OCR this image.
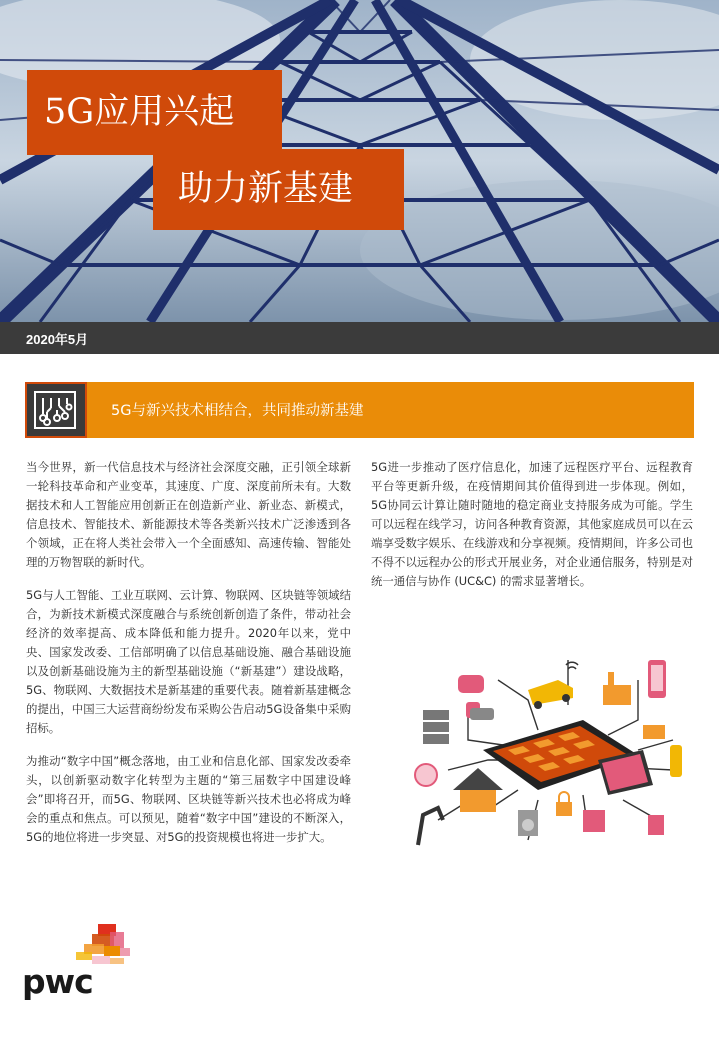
5G应用兴起
助力新基建
2020年5月
5G与新兴技术相结合，共同推动新基建

当今世界，新一代信息技术与经济社会深度交融，正引领全球新一轮科技革命和产业变革，其速度、广度、深度前所未有。大数据技术和人工智能应用创新正在创造新产业、新业态、新模式，信息技术、智能技术、新能源技术等各类新兴技术广泛渗透到各个领域，正在将人类社会带入一个全面感知、高速传输、智能处理的万物智联的新时代。

5G与人工智能、工业互联网、云计算、物联网、区块链等领域结合，为新技术新模式深度融合与系统创新创造了条件，带动社会经济的效率提高、成本降低和能力提升。2020年以来，党中央、国家发改委、工信部明确了以信息基础设施、融合基础设施以及创新基础设施为主的新型基础设施（“新基建”）建设战略，5G、物联网、大数据技术是新基建的重要代表。随着新基建概念的提出，中国三大运营商纷纷发布采购公告启动5G设备集中采购招标。

为推动“数字中国”概念落地，由工业和信息化部、国家发改委牵头，以创新驱动数字化转型为主题的“第三届数字中国建设峰会”即将召开，而5G、物联网、区块链等新兴技术也必将成为峰会的重点和焦点。可以预见，随着“数字中国”建设的不断深入，5G的地位将进一步突显、对5G的投资规模也将进一步扩大。

5G进一步推动了医疗信息化，加速了远程医疗平台、远程教育平台等更新升级，在疫情期间其价值得到进一步体现。例如，5G协同云计算让随时随地的稳定商业支持服务成为可能。学生可以远程在线学习，访问各种教育资源，其他家庭成员可以在云端享受数字娱乐、在线游戏和分享视频。疫情期间，许多公司也不得不以远程办公的形式开展业务，对企业通信服务，特别是对统一通信与协作 (UC&C) 的需求显著增长。

pwc
